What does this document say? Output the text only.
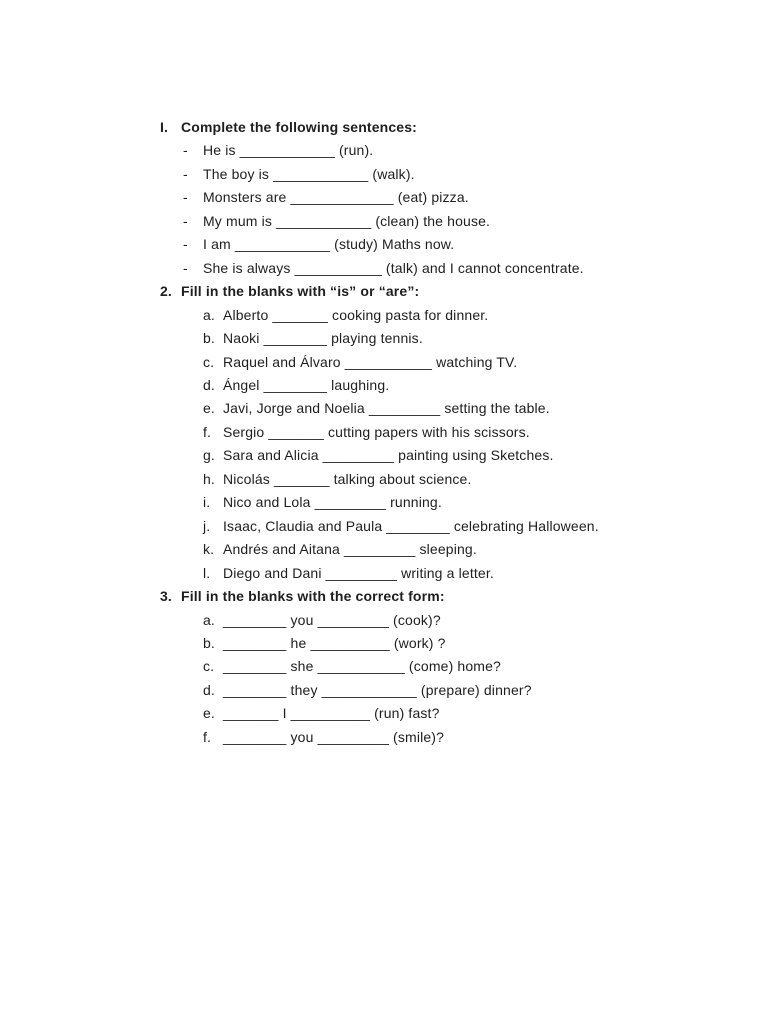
I. Complete the following sentences:
- He is ____________ (run).
- The boy is ____________ (walk).
- Monsters are _____________ (eat) pizza.
- My mum is ____________ (clean) the house.
- I am ____________ (study) Maths now.
- She is always ___________ (talk) and I cannot concentrate.
2. Fill in the blanks with “is” or “are”:
a. Alberto _______ cooking pasta for dinner.
b. Naoki ________ playing tennis.
c. Raquel and Álvaro ___________ watching TV.
d. Ángel ________ laughing.
e. Javi, Jorge and Noelia _________ setting the table.
f. Sergio _______ cutting papers with his scissors.
g. Sara and Alicia _________ painting using Sketches.
h. Nicolás _______ talking about science.
i. Nico and Lola _________ running.
j. Isaac, Claudia and Paula ________ celebrating Halloween.
k. Andrés and Aitana _________ sleeping.
l. Diego and Dani _________ writing a letter.
3. Fill in the blanks with the correct form:
a. ________ you _________ (cook)?
b. ________ he __________ (work) ?
c. ________ she ___________ (come) home?
d. ________ they ____________ (prepare) dinner?
e. _______ I __________ (run) fast?
f. ________ you _________ (smile)?
